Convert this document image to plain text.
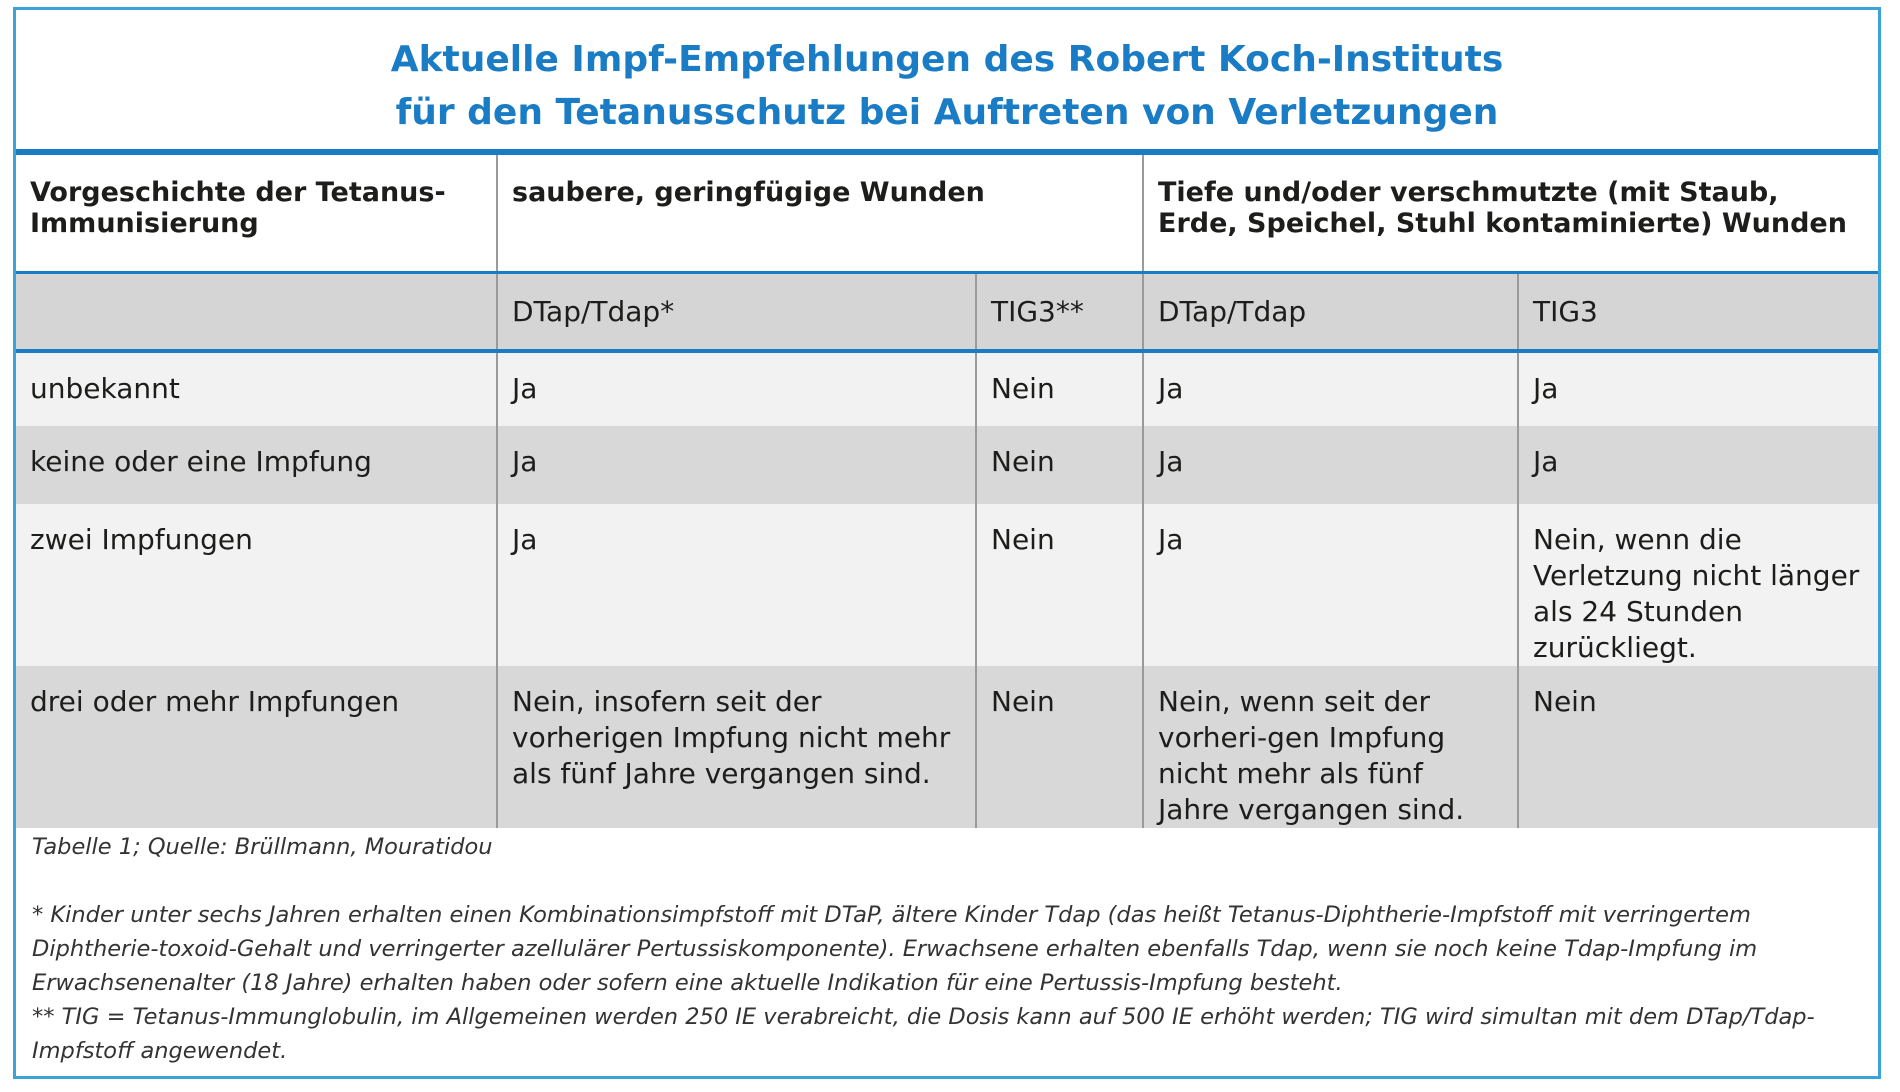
Aktuelle Impf-Empfehlungen des Robert Koch-Instituts
für den Tetanusschutz bei Auftreten von Verletzungen
Vorgeschichte der Tetanus-Immunisierung	saubere, geringfügige Wunden		Tiefe und/oder verschmutzte (mit Staub, Erde, Speichel, Stuhl kontaminierte) Wunden	
	DTap/Tdap*	TIG3**	DTap/Tdap	TIG3
unbekannt	Ja	Nein	Ja	Ja
keine oder eine Impfung	Ja	Nein	Ja	Ja
zwei Impfungen	Ja	Nein	Ja	Nein, wenn die Verletzung nicht länger als 24 Stunden zurückliegt.
drei oder mehr Impfungen	Nein, insofern seit der vorherigen Impfung nicht mehr als fünf Jahre vergangen sind.	Nein	Nein, wenn seit der vorheri-gen Impfung nicht mehr als fünf Jahre vergangen sind.	Nein
Tabelle 1; Quelle: Brüllmann, Mouratidou

* Kinder unter sechs Jahren erhalten einen Kombinationsimpfstoff mit DTaP, ältere Kinder Tdap (das heißt Tetanus-Diphtherie-Impfstoff mit verringertem Diphtherie-toxoid-Gehalt und verringerter azellulärer Pertussiskomponente). Erwachsene erhalten ebenfalls Tdap, wenn sie noch keine Tdap-Impfung im Erwachsenenalter (18 Jahre) erhalten haben oder sofern eine aktuelle Indikation für eine Pertussis-Impfung besteht.

** TIG = Tetanus-Immunglobulin, im Allgemeinen werden 250 IE verabreicht, die Dosis kann auf 500 IE erhöht werden; TIG wird simultan mit dem DTap/Tdap-Impfstoff angewendet.
